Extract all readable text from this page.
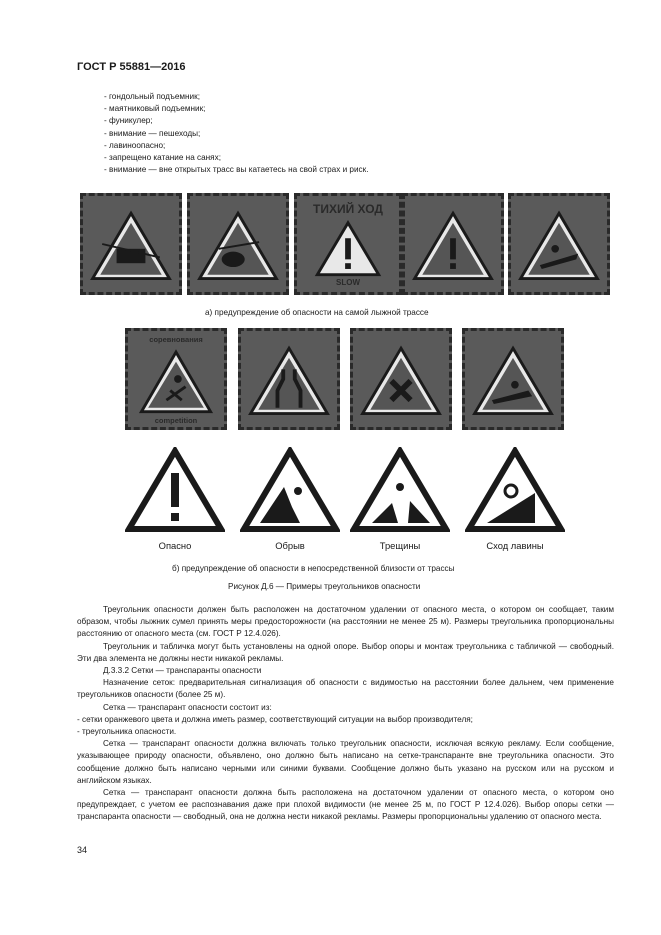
ГОСТ Р 55881—2016
- гондольный подъемник;
- маятниковый подъемник;
- фуникулер;
- внимание — пешеходы;
- лавиноопасно;
- запрещено катание на санях;
- внимание — вне открытых трасс вы катаетесь на свой страх и риск.
ТИХИЙ ХОД
SLOW
а) предупреждение об опасности на самой лыжной трассе
соревнования
competition
Опасно	Обрыв	Трещины	Сход лавины
б) предупреждение об опасности в непосредственной близости от трассы
Рисунок Д.6 — Примеры треугольников опасности

Треугольник опасности должен быть расположен на достаточном удалении от опасного места, о котором он сообщает, таким образом, чтобы лыжник сумел принять меры предосторожности (на расстоянии не менее 25 м). Размеры треугольника пропорциональны расстоянию от опасного места (см. ГОСТ Р 12.4.026).

Треугольник и табличка могут быть установлены на одной опоре. Выбор опоры и монтаж треугольника с табличкой — свободный. Эти два элемента не должны нести никакой рекламы.

Д.3.3.2 Сетки — транспаранты опасности

Назначение сеток: предварительная сигнализация об опасности с видимостью на расстоянии более дальнем, чем применение треугольников опасности (более 25 м).

Сетка — транспарант опасности состоит из:

- сетки оранжевого цвета и должна иметь размер, соответствующий ситуации на выбор производителя;

- треугольника опасности.

Сетка — транспарант опасности должна включать только треугольник опасности, исключая всякую рекламу. Если сообщение, указывающее природу опасности, объявлено, оно должно быть написано на сетке-транспаранте вне треугольника опасности. Это сообщение должно быть написано черными или синими буквами. Сообщение должно быть указано на русском или на русском и английском языках.

Сетка — транспарант опасности должна быть расположена на достаточном удалении от опасного места, о котором оно предупреждает, с учетом ее распознавания даже при плохой видимости (не менее 25 м, по ГОСТ Р 12.4.026). Выбор опоры сетки — транспаранта опасности — свободный, она не должна нести никакой рекламы. Размеры пропорциональны удалению от опасного места.

34
